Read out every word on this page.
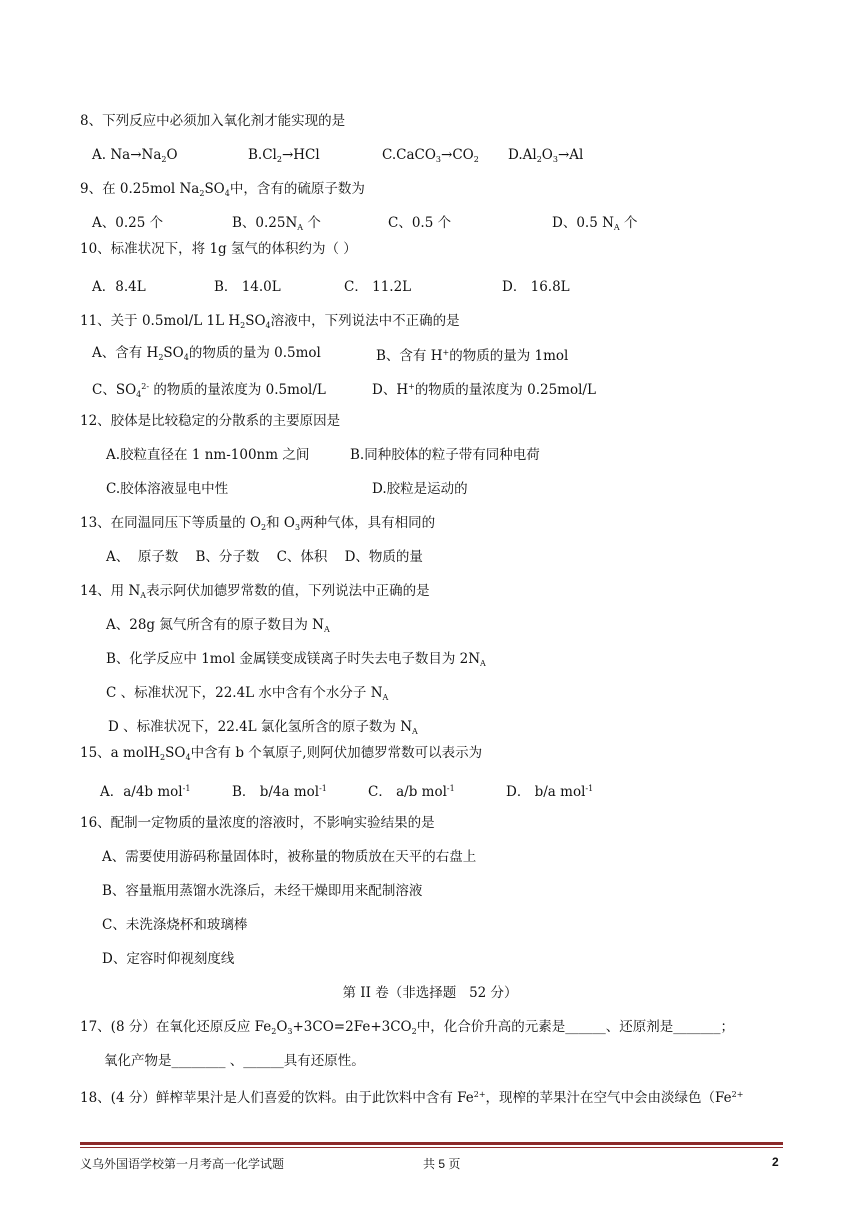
8、下列反应中必须加入氧化剂才能实现的是
A. $Na\to Na_2O$	$B.Cl_2\to HCl$	$C.CaCO_3\to CO_2$ $D.Al_2O_3\to Al$
9、在 0.25mol $Na_2SO_4$中，含有的硫原子数为
A、0.25 个	B、$0.25N_A$ 个	C、0.5 个	D、0.5 $N_A$ 个
10、标准状况下，将 1g 氢气的体积约为（ ）
A．8.4L	B． 14.0L	C． 11.2L	D． 16.8L
11、关于 0.5mol/L 1L $H_2SO_4$溶液中，下列说法中不正确的是
A、含有 $H_2SO_4$的物质的量为 0.5mol	B、含有 H+的物质的量为 1mol
C、$SO_4^{2-}$ 的物质的量浓度为 0.5mol/L	D、H+的物质的量浓度为 0.25mol/L
12、胶体是比较稳定的分散系的主要原因是
A.胶粒直径在 1 nm-100nm 之间	B.同种胶体的粒子带有同种电荷
C.胶体溶液显电中性	D.胶粒是运动的
13、在同温同压下等质量的 $O_2$和 $O_3$两种气体，具有相同的
A、  原子数    B、分子数    C、体积    D、物质的量
14、用 $N_A$表示阿伏加德罗常数的值，下列说法中正确的是
A、28g 氮气所含有的原子数目为 $N_A$
B、化学反应中 1mol 金属镁变成镁离子时失去电子数目为 $2N_A$
C 、标准状况下，22.4L 水中含有个水分子 $N_A$
D 、标准状况下，22.4L 氯化氢所含的原子数为 $N_A$
15、a $molH_2SO_4$中含有 b 个氧原子,则阿伏加德罗常数可以表示为
A．a/4b mol$^{-1}$	B． b/4a mol$^{-1}$	C． a/b mol$^{-1}$	D． b/a mol$^{-1}$
16、配制一定物质的量浓度的溶液时，不影响实验结果的是
A、需要使用游码称量固体时，被称量的物质放在天平的右盘上
B、容量瓶用蒸馏水洗涤后，未经干燥即用来配制溶液
C、未洗涤烧杯和玻璃棒
D、定容时仰视刻度线
第 II 卷（非选择题   52 分）
17、(8 分）在氧化还原反应 $Fe_2O_3+3CO=2Fe+3CO_2$中，化合价升高的元素是______、还原剂是_______；
氧化产物是________ 、______具有还原性。
18、(4 分）鲜榨苹果汁是人们喜爱的饮料。由于此饮料中含有 $Fe^{2+}$，现榨的苹果汁在空气中会由淡绿色（$Fe^{2+}$
义乌外国语学校第一月考高一化学试题	共 5 页	2
